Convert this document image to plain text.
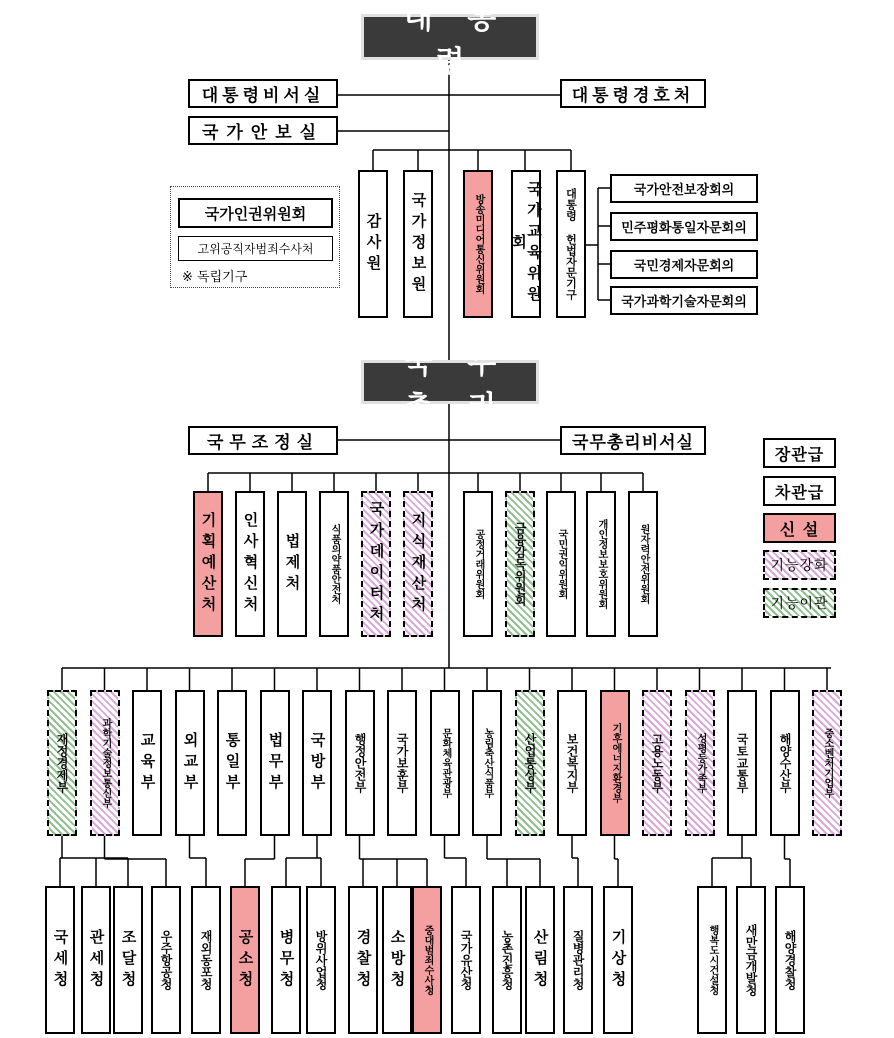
대 통 령
대통령비서실	대통령경호처
국가안보실
국가인권위원회
고위공직자범죄수사처
※ 독립기구
감사원	국가정보원	방송미디어통신위원회	국가교육위원회	대통령 헌법자문기구	국가안전보장회의
민주평화통일자문회의
국민경제자문회의
국가과학기술자문회의
국 무 총 리
국무조정실	국무총리비서실
장관급
차관급
신 설
기능강화
기능이관
기획예산처	인사혁신처	법제처	식품의약품안전처	국가데이터처	지식재산처	공정거래위원회	금융감독위원회	국민권익위원회	개인정보보호위원회	원자력안전위원회
재정경제부	과학기술정보통신부	교육부	외교부	통일부	법무부	국방부	행정안전부	국가보훈부	문화체육관광부	농림축산식품부	산업통상부	보건복지부	기후에너지환경부	고용노동부	성평등가족부	국토교통부	해양수산부	중소벤처기업부
국세청	관세청 조달청	우주항공청	재외동포청	공소청	병무청	방위사업청	경찰청	소방청	중대범죄수사청	국가유산청	농촌진흥청	산림청	질병관리청	기상청	행복도시건설청	새만금개발청	해양경찰청
